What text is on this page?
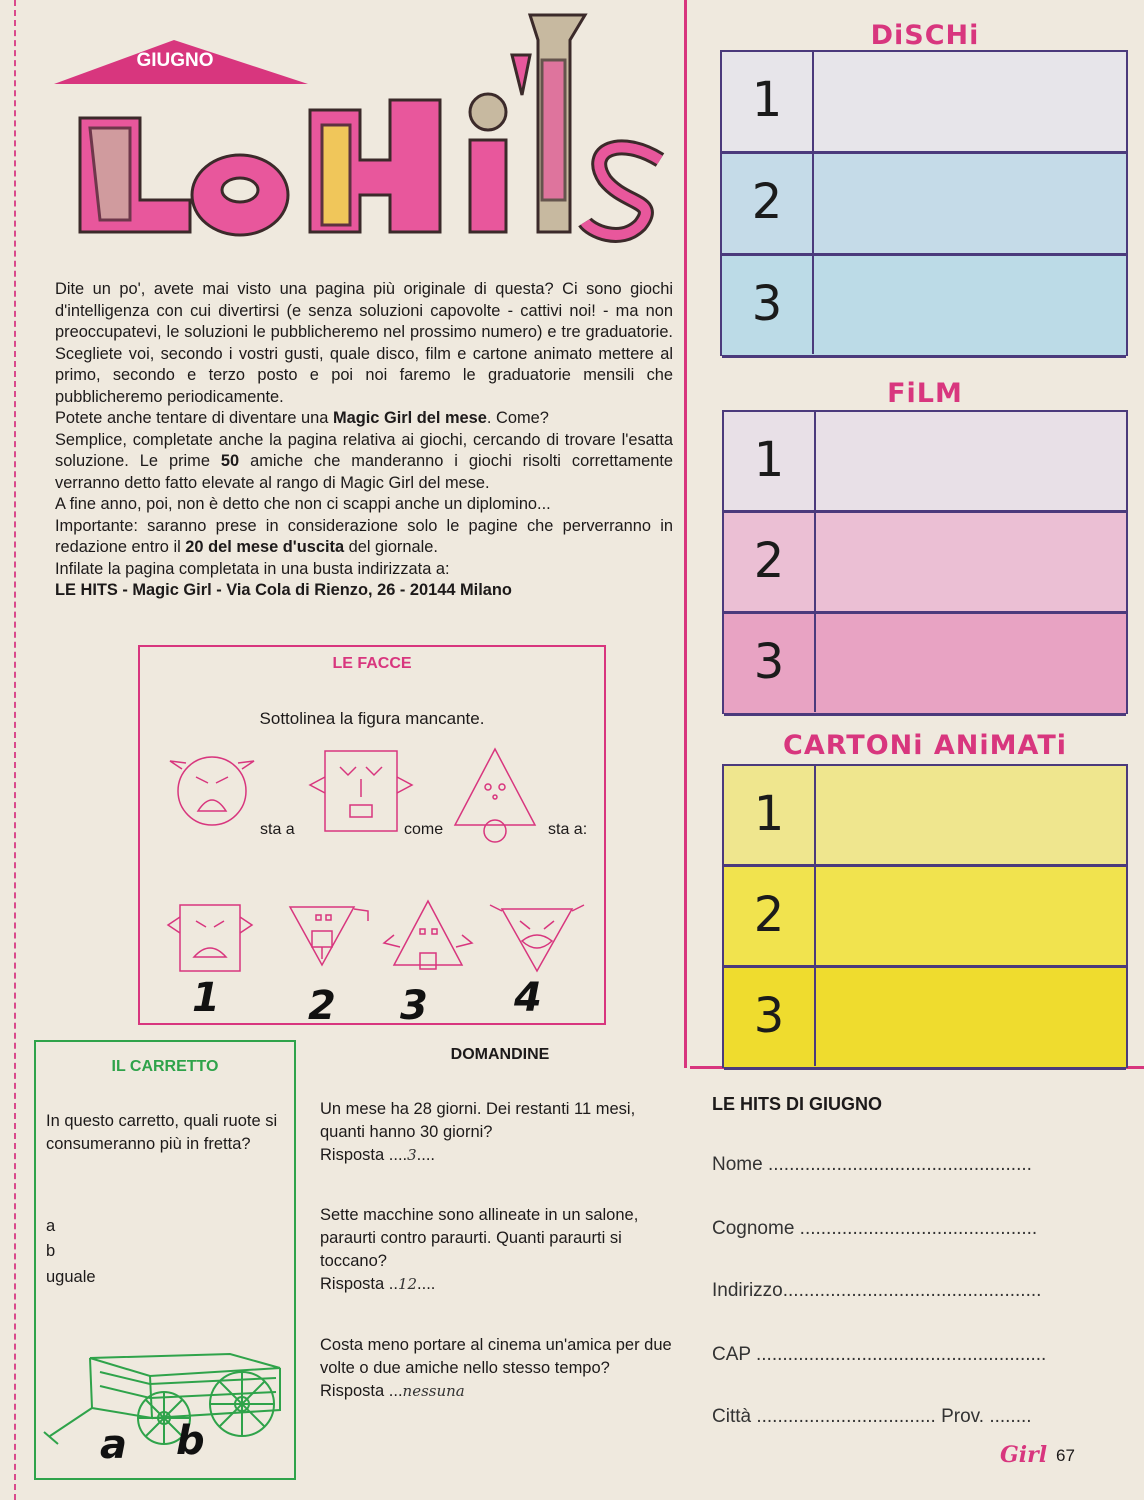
GIUGNO
Le Hits

Dite un po', avete mai visto una pagina più originale di questa? Ci sono giochi d'intelligenza con cui divertirsi (e senza soluzioni capovolte - cattivi noi! - ma non preoccupatevi, le soluzioni le pubblicheremo nel prossimo numero) e tre graduatorie. Scegliete voi, secondo i vostri gusti, quale disco, film e cartone animato mettere al primo, secondo e terzo posto e poi noi faremo le graduatorie mensili che pubblicheremo periodicamente.

Potete anche tentare di diventare una Magic Girl del mese. Come?

Semplice, completate anche la pagina relativa ai giochi, cercando di trovare l'esatta soluzione. Le prime 50 amiche che manderanno i giochi risolti correttamente verranno detto fatto elevate al rango di Magic Girl del mese.

A fine anno, poi, non è detto che non ci scappi anche un diplomino...

Importante: saranno prese in considerazione solo le pagine che perverranno in redazione entro il 20 del mese d'uscita del giornale.

Infilate la pagina completata in una busta indirizzata a:

LE HITS - Magic Girl - Via Cola di Rienzo, 26 - 20144 Milano

LE FACCE
Sottolinea la figura mancante.
sta a	come	sta a:
1 2 3 4
IL CARRETTO
In questo carretto, quali ruote si consumeranno più in fretta?
a
b
uguale
a b
DOMANDINE
Un mese ha 28 giorni. Dei restanti 11 mesi, quanti hanno 30 giorni?
Risposta ....3....
Sette macchine sono allineate in un salone, paraurti contro paraurti. Quanti paraurti si toccano?
Risposta ..12....
Costa meno portare al cinema un'amica per due volte o due amiche nello stesso tempo?
Risposta ...nessuna
DiSCHi
1
2
3
FiLM
1
2
3
CARTONi ANiMATi
1
2
3
LE HITS DI GIUGNO
Nome ..................................................
Cognome .............................................
Indirizzo.................................................
CAP .......................................................
Città .................................. Prov. ........
Girl 67
